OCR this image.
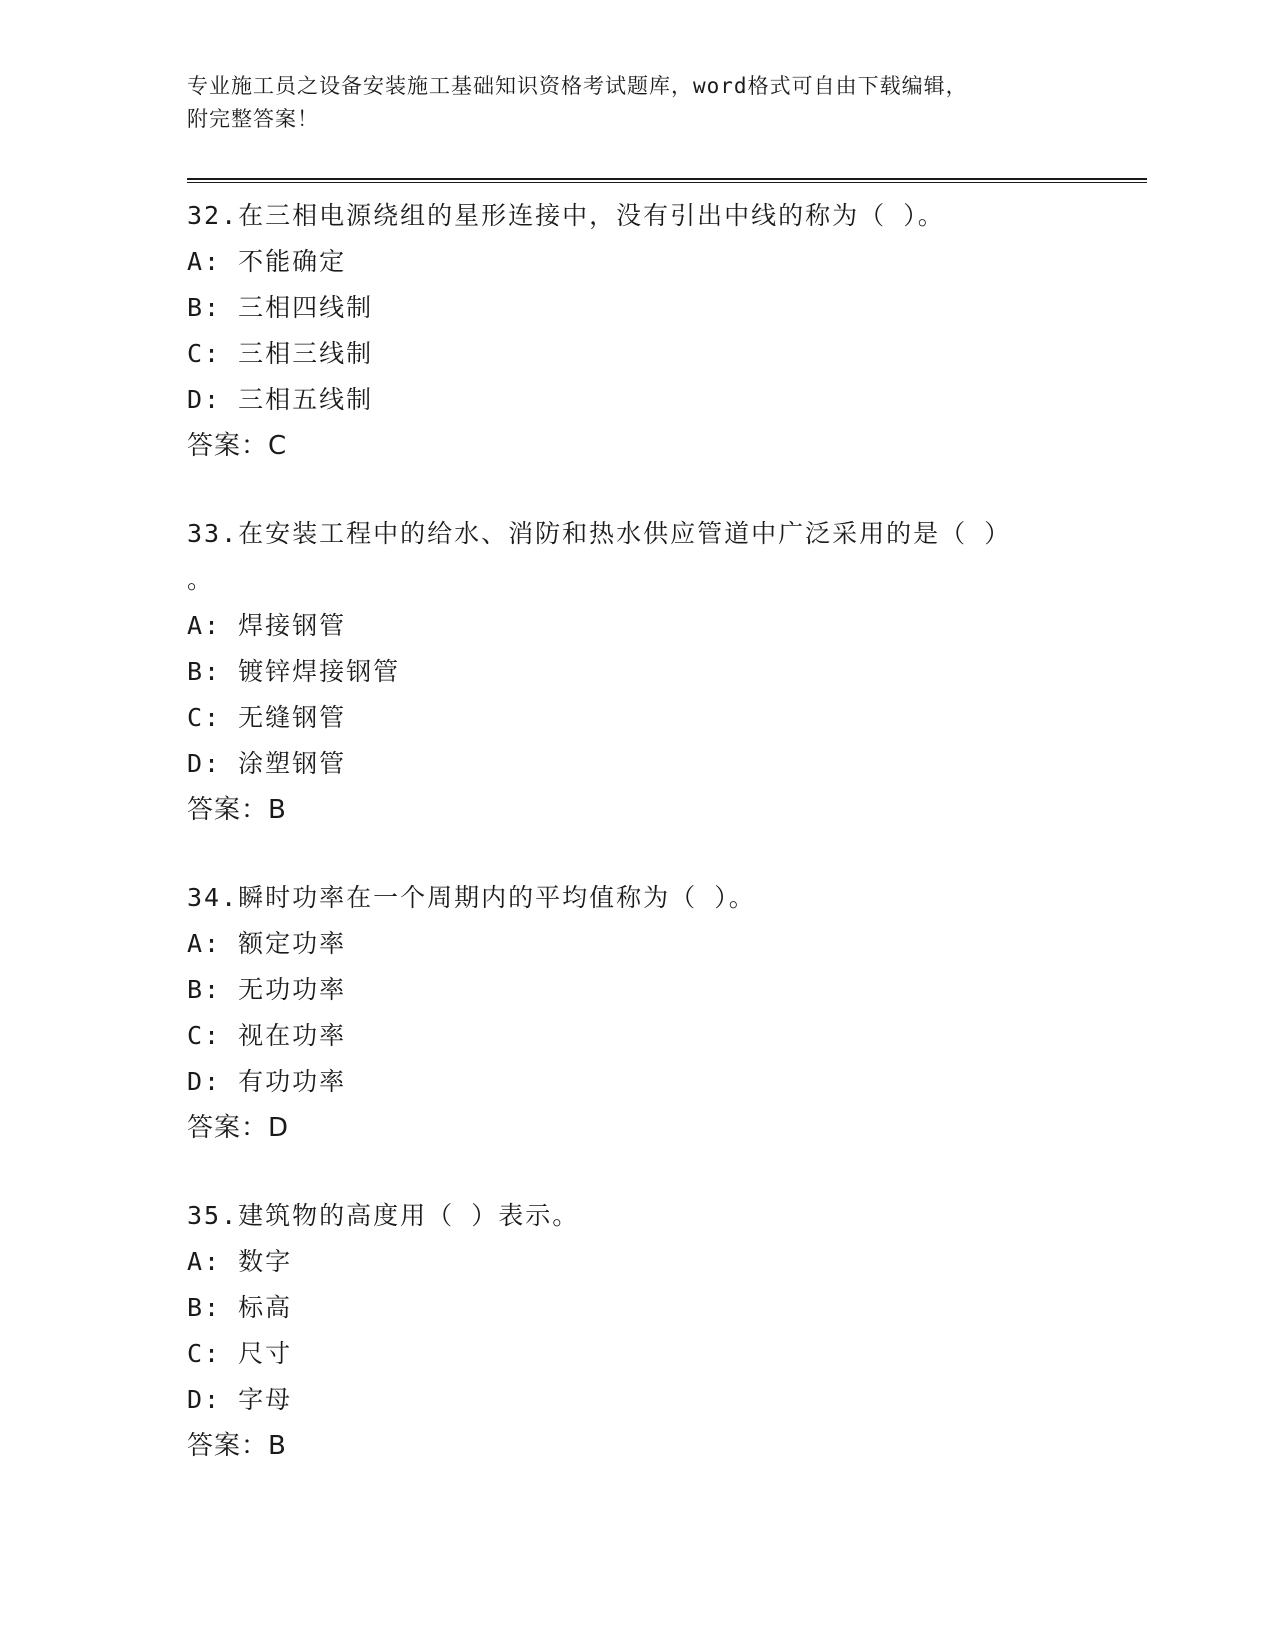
专业施工员之设备安装施工基础知识资格考试题库，word格式可自由下载编辑，
附完整答案！

32.在三相电源绕组的星形连接中，没有引出中线的称为（ ）。

A: 不能确定

B: 三相四线制

C: 三相三线制

D: 三相五线制

答案：C

33.在安装工程中的给水、消防和热水供应管道中广泛采用的是（ ）

。

A: 焊接钢管

B: 镀锌焊接钢管

C: 无缝钢管

D: 涂塑钢管

答案：B

34.瞬时功率在一个周期内的平均值称为（ ）。

A: 额定功率

B: 无功功率

C: 视在功率

D: 有功功率

答案：D

35.建筑物的高度用（ ）表示。

A: 数字

B: 标高

C: 尺寸

D: 字母

答案：B
